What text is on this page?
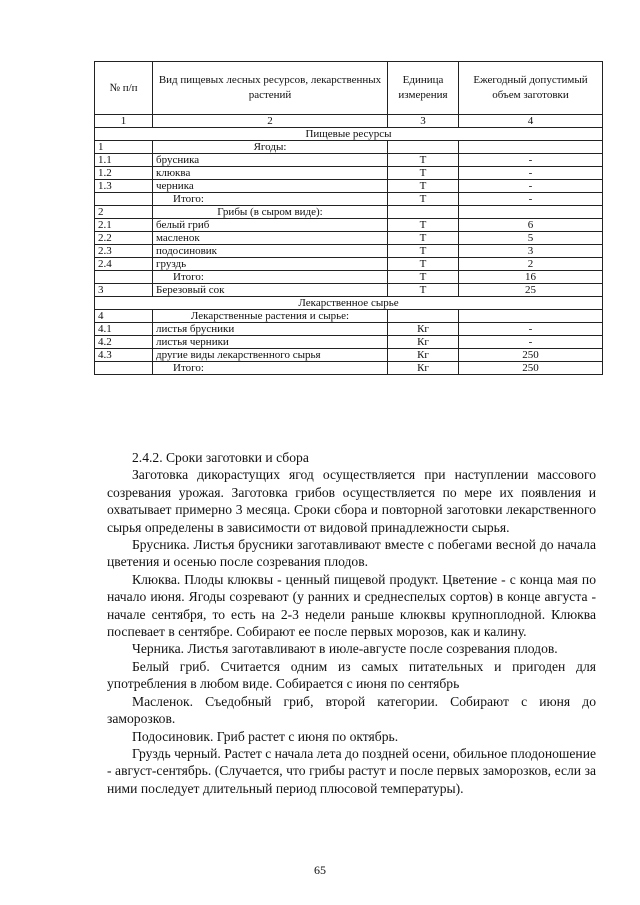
№ п/п	Вид пищевых лесных ресурсов, лекарственных растений	Единица измерения	Ежегодный допустимый объем заготовки
1	2	3	4
Пищевые ресурсы			
1	Ягоды:		
1.1	брусника	Т	-
1.2	клюква	Т	-
1.3	черника	Т	-
	Итого:	Т	-
2	Грибы (в сыром виде):		
2.1	белый гриб	Т	6
2.2	масленок	Т	5
2.3	подосиновик	Т	3
2.4	груздь	Т	2
	Итого:	Т	16
3	Березовый сок	Т	25
Лекарственное сырье			
4	Лекарственные растения и сырье:		
4.1	листья брусники	Кг	-
4.2	листья черники	Кг	-
4.3	другие виды лекарственного сырья	Кг	250
	Итого:	Кг	250

2.4.2. Сроки заготовки и сбора

Заготовка дикорастущих ягод осуществляется при наступлении массового созревания урожая. Заготовка грибов осуществляется по мере их появления и охватывает примерно 3 месяца. Сроки сбора и повторной заготовки лекарственного сырья определены в зависимости от видовой принадлежности сырья.

Брусника. Листья брусники заготавливают вместе с побегами весной до начала цветения и осенью после созревания плодов.

Клюква. Плоды клюквы - ценный пищевой продукт. Цветение - с конца мая по начало июня. Ягоды созревают (у ранних и среднеспелых сортов) в конце августа - начале сентября, то есть на 2-3 недели раньше клюквы крупноплодной. Клюква поспевает в сентябре. Собирают ее после первых морозов, как и калину.

Черника. Листья заготавливают в июле-августе после созревания плодов.

Белый гриб. Считается одним из самых питательных и пригоден для употребления в любом виде. Собирается с июня по сентябрь

Масленок. Съедобный гриб, второй категории. Собирают с июня до заморозков.

Подосиновик. Гриб растет с июня по октябрь.

Груздь черный. Растет с начала лета до поздней осени, обильное плодоношение - август-сентябрь. (Случается, что грибы растут и после первых заморозков, если за ними последует длительный период плюсовой температуры).

65
